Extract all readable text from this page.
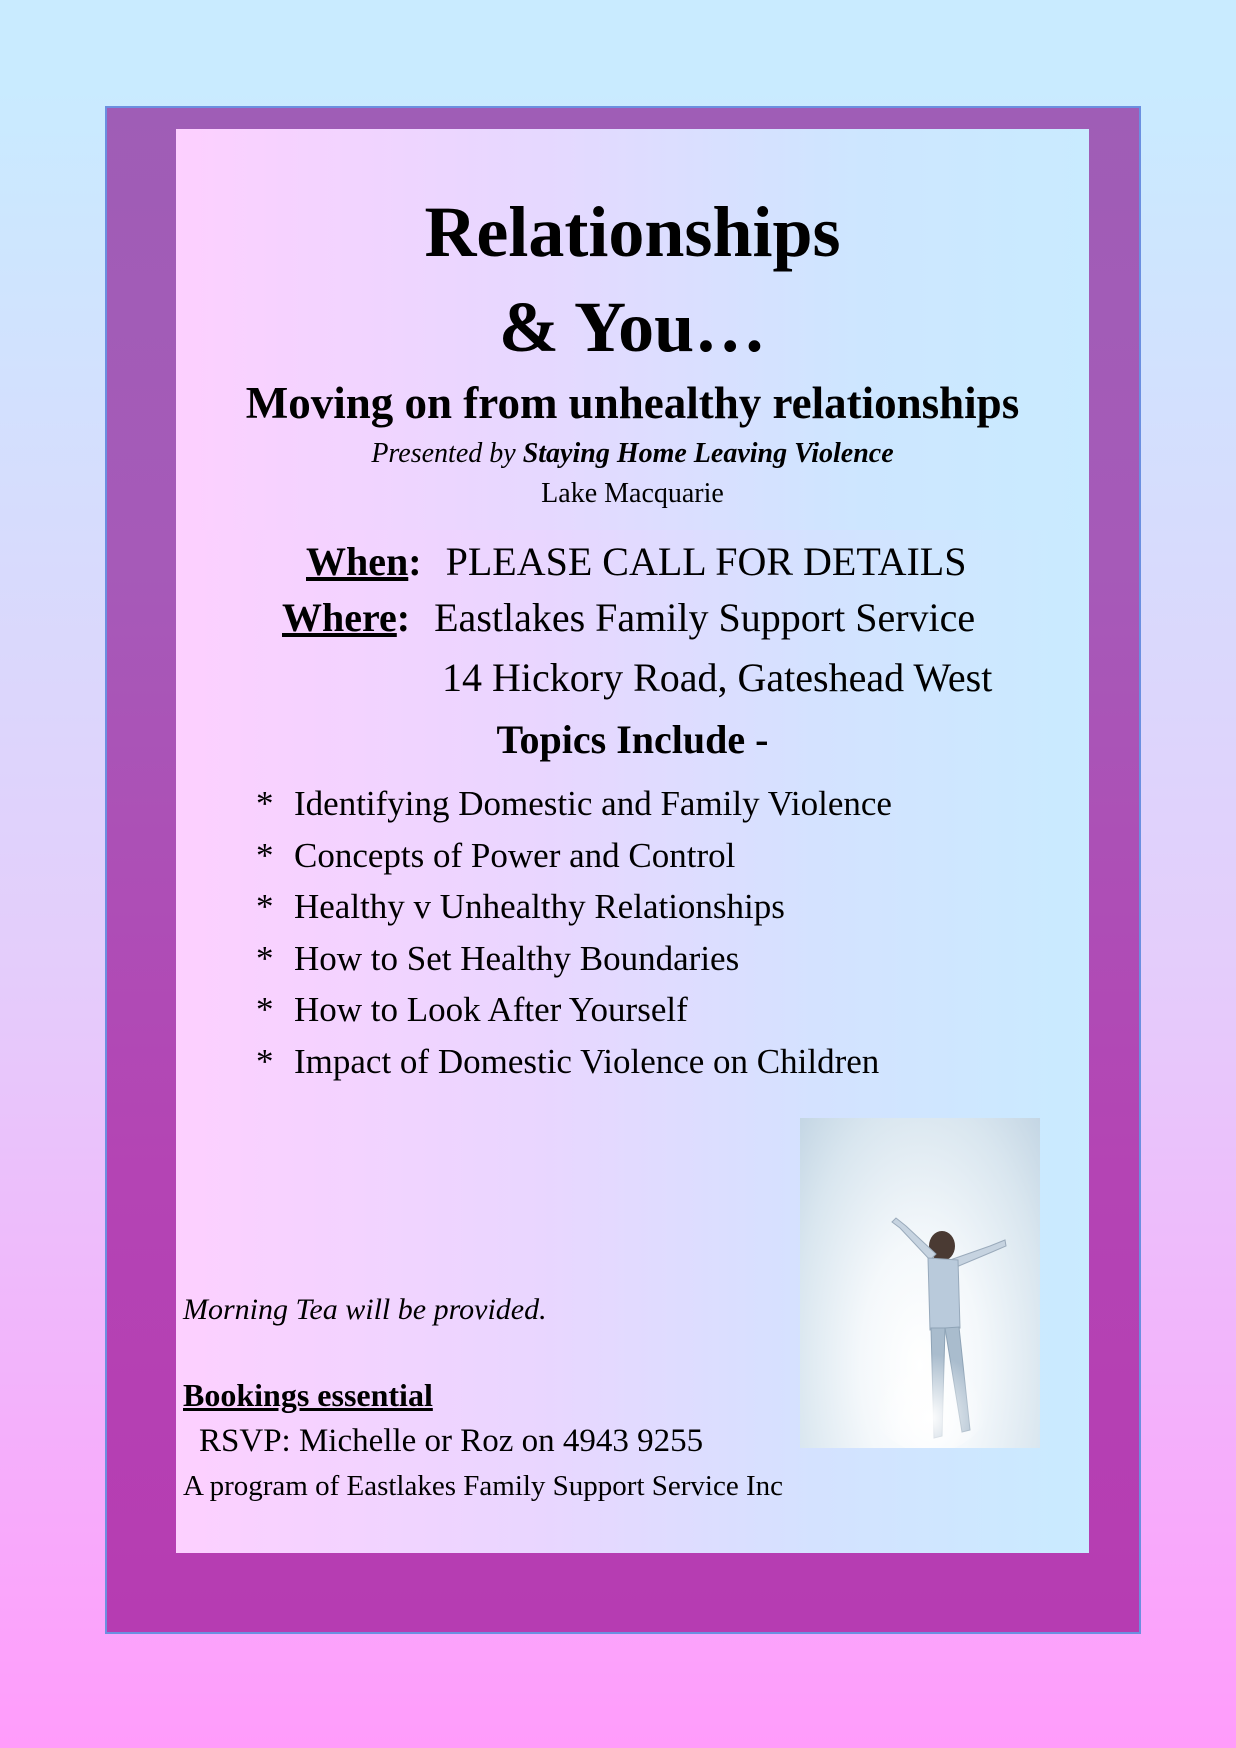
Relationships
& You…
Moving on from unhealthy relationships
Presented by Staying Home Leaving Violence
Lake Macquarie
When: PLEASE CALL FOR DETAILS
Where: Eastlakes Family Support Service
14 Hickory Road, Gateshead West
Topics Include -
* Identifying Domestic and Family Violence
* Concepts of Power and Control
* Healthy v Unhealthy Relationships
* How to Set Healthy Boundaries
* How to Look After Yourself
* Impact of Domestic Violence on Children
Morning Tea will be provided.
Bookings essential
RSVP: Michelle or Roz on 4943 9255
A program of Eastlakes Family Support Service Inc
